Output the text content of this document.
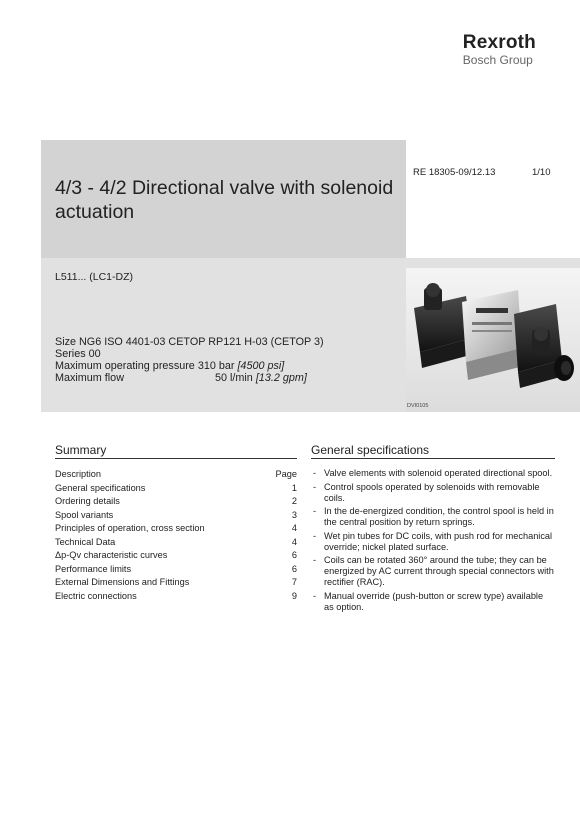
Rexroth
Bosch Group
4/3 - 4/2 Directional valve with solenoid actuation
RE 18305-09/12.13	1/10
L511... (LC1-DZ)
Size NG6 ISO 4401-03 CETOP RP121 H-03 (CETOP 3)
Series 00
Maximum operating pressure 310 bar [4500 psi]
Maximum flow	50 l/min [13.2 gpm]
DVI0105
Summary	General specifications
Description	Page
General specifications	1
Ordering details	2
Spool variants	3
Principles of operation, cross section	4
Technical Data	4
Δp-Qv characteristic curves	6
Performance limits	6
External Dimensions and Fittings	7
Electric connections	9
- Valve elements with solenoid operated directional spool.
- Control spools operated by solenoids with removable coils.
- In the de-energized condition, the control spool is held in the central position by return springs.
- Wet pin tubes for DC coils, with push rod for mechanical override; nickel plated surface.
- Coils can be rotated 360° around the tube; they can be energized by AC current through special connectors with rectifier (RAC).
- Manual override (push-button or screw type) available as option.
